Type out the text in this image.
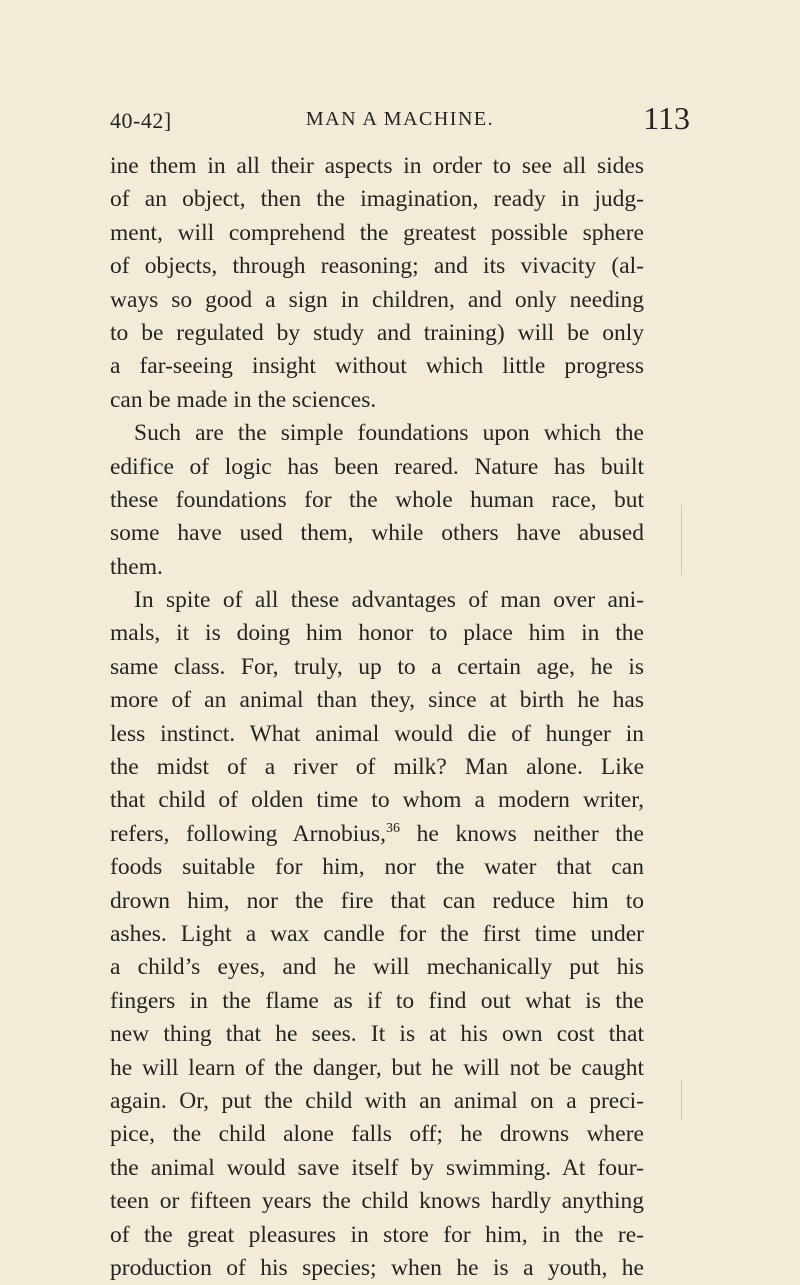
40-42]	MAN A MACHINE.	113
ine them in all their aspects in order to see all sides
of an object, then the imagination, ready in judg-
ment, will comprehend the greatest possible sphere
of objects, through reasoning; and its vivacity (al-
ways so good a sign in children, and only needing
to be regulated by study and training) will be only
a far-seeing insight without which little progress
can be made in the sciences.
Such are the simple foundations upon which the
edifice of logic has been reared. Nature has built
these foundations for the whole human race, but
some have used them, while others have abused
them.
In spite of all these advantages of man over ani-
mals, it is doing him honor to place him in the
same class. For, truly, up to a certain age, he is
more of an animal than they, since at birth he has
less instinct. What animal would die of hunger in
the midst of a river of milk? Man alone. Like
that child of olden time to whom a modern writer,
refers, following Arnobius,$^{36}$ he knows neither the
foods suitable for him, nor the water that can
drown him, nor the fire that can reduce him to
ashes. Light a wax candle for the first time under
a child’s eyes, and he will mechanically put his
fingers in the flame as if to find out what is the
new thing that he sees. It is at his own cost that
he will learn of the danger, but he will not be caught
again. Or, put the child with an animal on a preci-
pice, the child alone falls off; he drowns where
the animal would save itself by swimming. At four-
teen or fifteen years the child knows hardly anything
of the great pleasures in store for him, in the re-
production of his species; when he is a youth, he
